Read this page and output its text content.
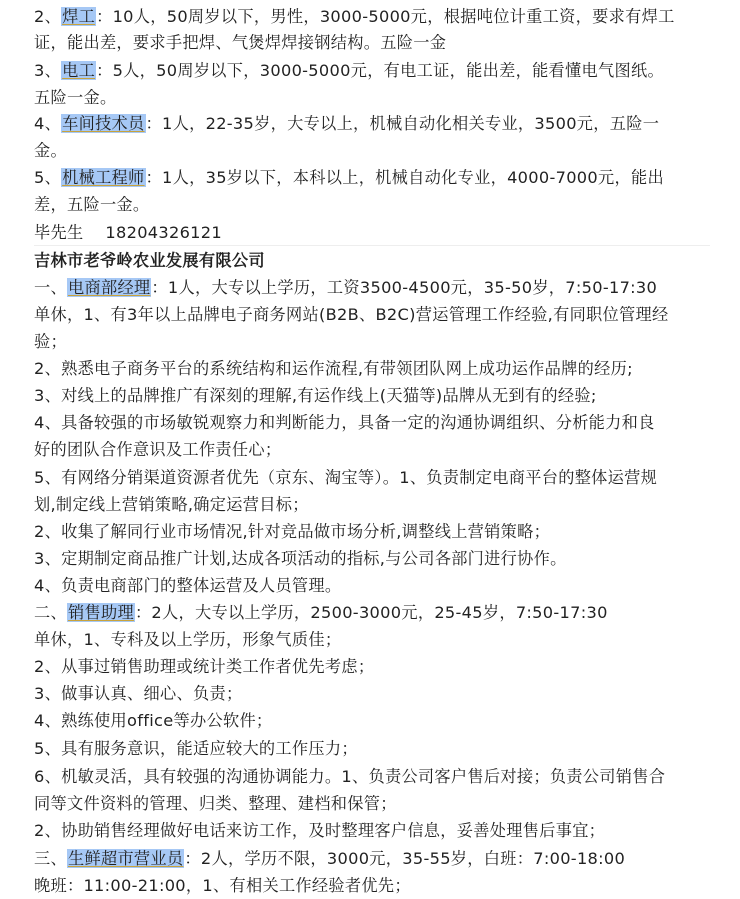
2、焊工：10人，50周岁以下，男性，3000-5000元，根据吨位计重工资，要求有焊工
证，能出差，要求手把焊、气煲焊焊接钢结构。五险一金
3、电工：5人，50周岁以下，3000-5000元，有电工证，能出差，能看懂电气图纸。
五险一金。
4、车间技术员：1人，22-35岁，大专以上，机械自动化相关专业，3500元，五险一
金。
5、机械工程师：1人，35岁以下，本科以上，机械自动化专业，4000-7000元，能出
差，五险一金。
毕先生　 18204326121
吉林市老爷岭农业发展有限公司
一、电商部经理：1人，大专以上学历，工资3500-4500元，35-50岁，7:50-17:30
单休，1、有3年以上品牌电子商务网站(B2B、B2C)营运管理工作经验,有同职位管理经
验；
2、熟悉电子商务平台的系统结构和运作流程,有带领团队网上成功运作品牌的经历;
3、对线上的品牌推广有深刻的理解,有运作线上(天猫等)品牌从无到有的经验;
4、具备较强的市场敏锐观察力和判断能力，具备一定的沟通协调组织、分析能力和良
好的团队合作意识及工作责任心；
5、有网络分销渠道资源者优先（京东、淘宝等）。1、负责制定电商平台的整体运营规
划,制定线上营销策略,确定运营目标；
2、收集了解同行业市场情况,针对竞品做市场分析,调整线上营销策略；
3、定期制定商品推广计划,达成各项活动的指标,与公司各部门进行协作。
4、负责电商部门的整体运营及人员管理。
二、销售助理：2人，大专以上学历，2500-3000元，25-45岁，7:50-17:30
单休，1、专科及以上学历，形象气质佳；
2、从事过销售助理或统计类工作者优先考虑；
3、做事认真、细心、负责；
4、熟练使用office等办公软件；
5、具有服务意识，能适应较大的工作压力；
6、机敏灵活，具有较强的沟通协调能力。1、负责公司客户售后对接；负责公司销售合
同等文件资料的管理、归类、整理、建档和保管；
2、协助销售经理做好电话来访工作，及时整理客户信息，妥善处理售后事宜；
三、生鲜超市营业员：2人，学历不限，3000元，35-55岁，白班：7:00-18:00
晚班：11:00-21:00，1、有相关工作经验者优先；
